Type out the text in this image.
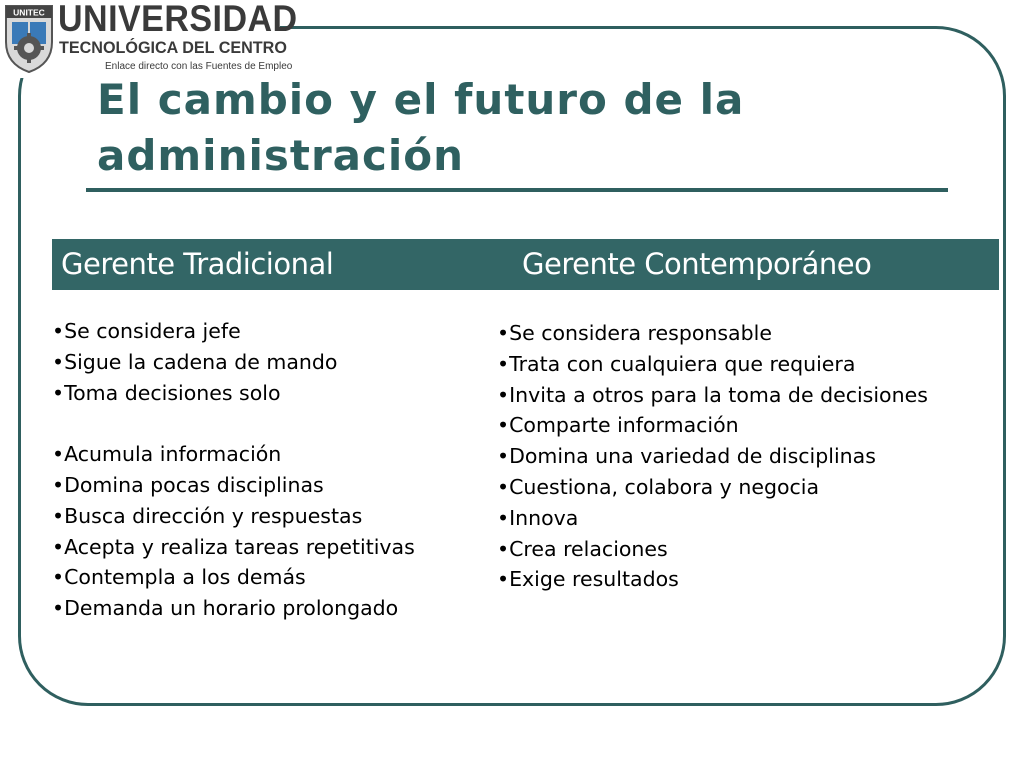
UNITEC UNIVERSIDAD
TECNOLÓGICA DEL CENTRO
Enlace directo con las Fuentes de Empleo
El cambio y el futuro de la administración
Gerente Tradicional	Gerente Contemporáneo
•Se considera jefe
•Sigue la cadena de mando
•Toma decisiones solo
•Acumula información
•Domina pocas disciplinas
•Busca dirección y respuestas
•Acepta y realiza tareas repetitivas
•Contempla a los demás
•Demanda un horario prolongado
•Se considera responsable
•Trata con cualquiera que requiera
•Invita a otros para la toma de decisiones
•Comparte información
•Domina una variedad de disciplinas
•Cuestiona, colabora y negocia
•Innova
•Crea relaciones
•Exige resultados
